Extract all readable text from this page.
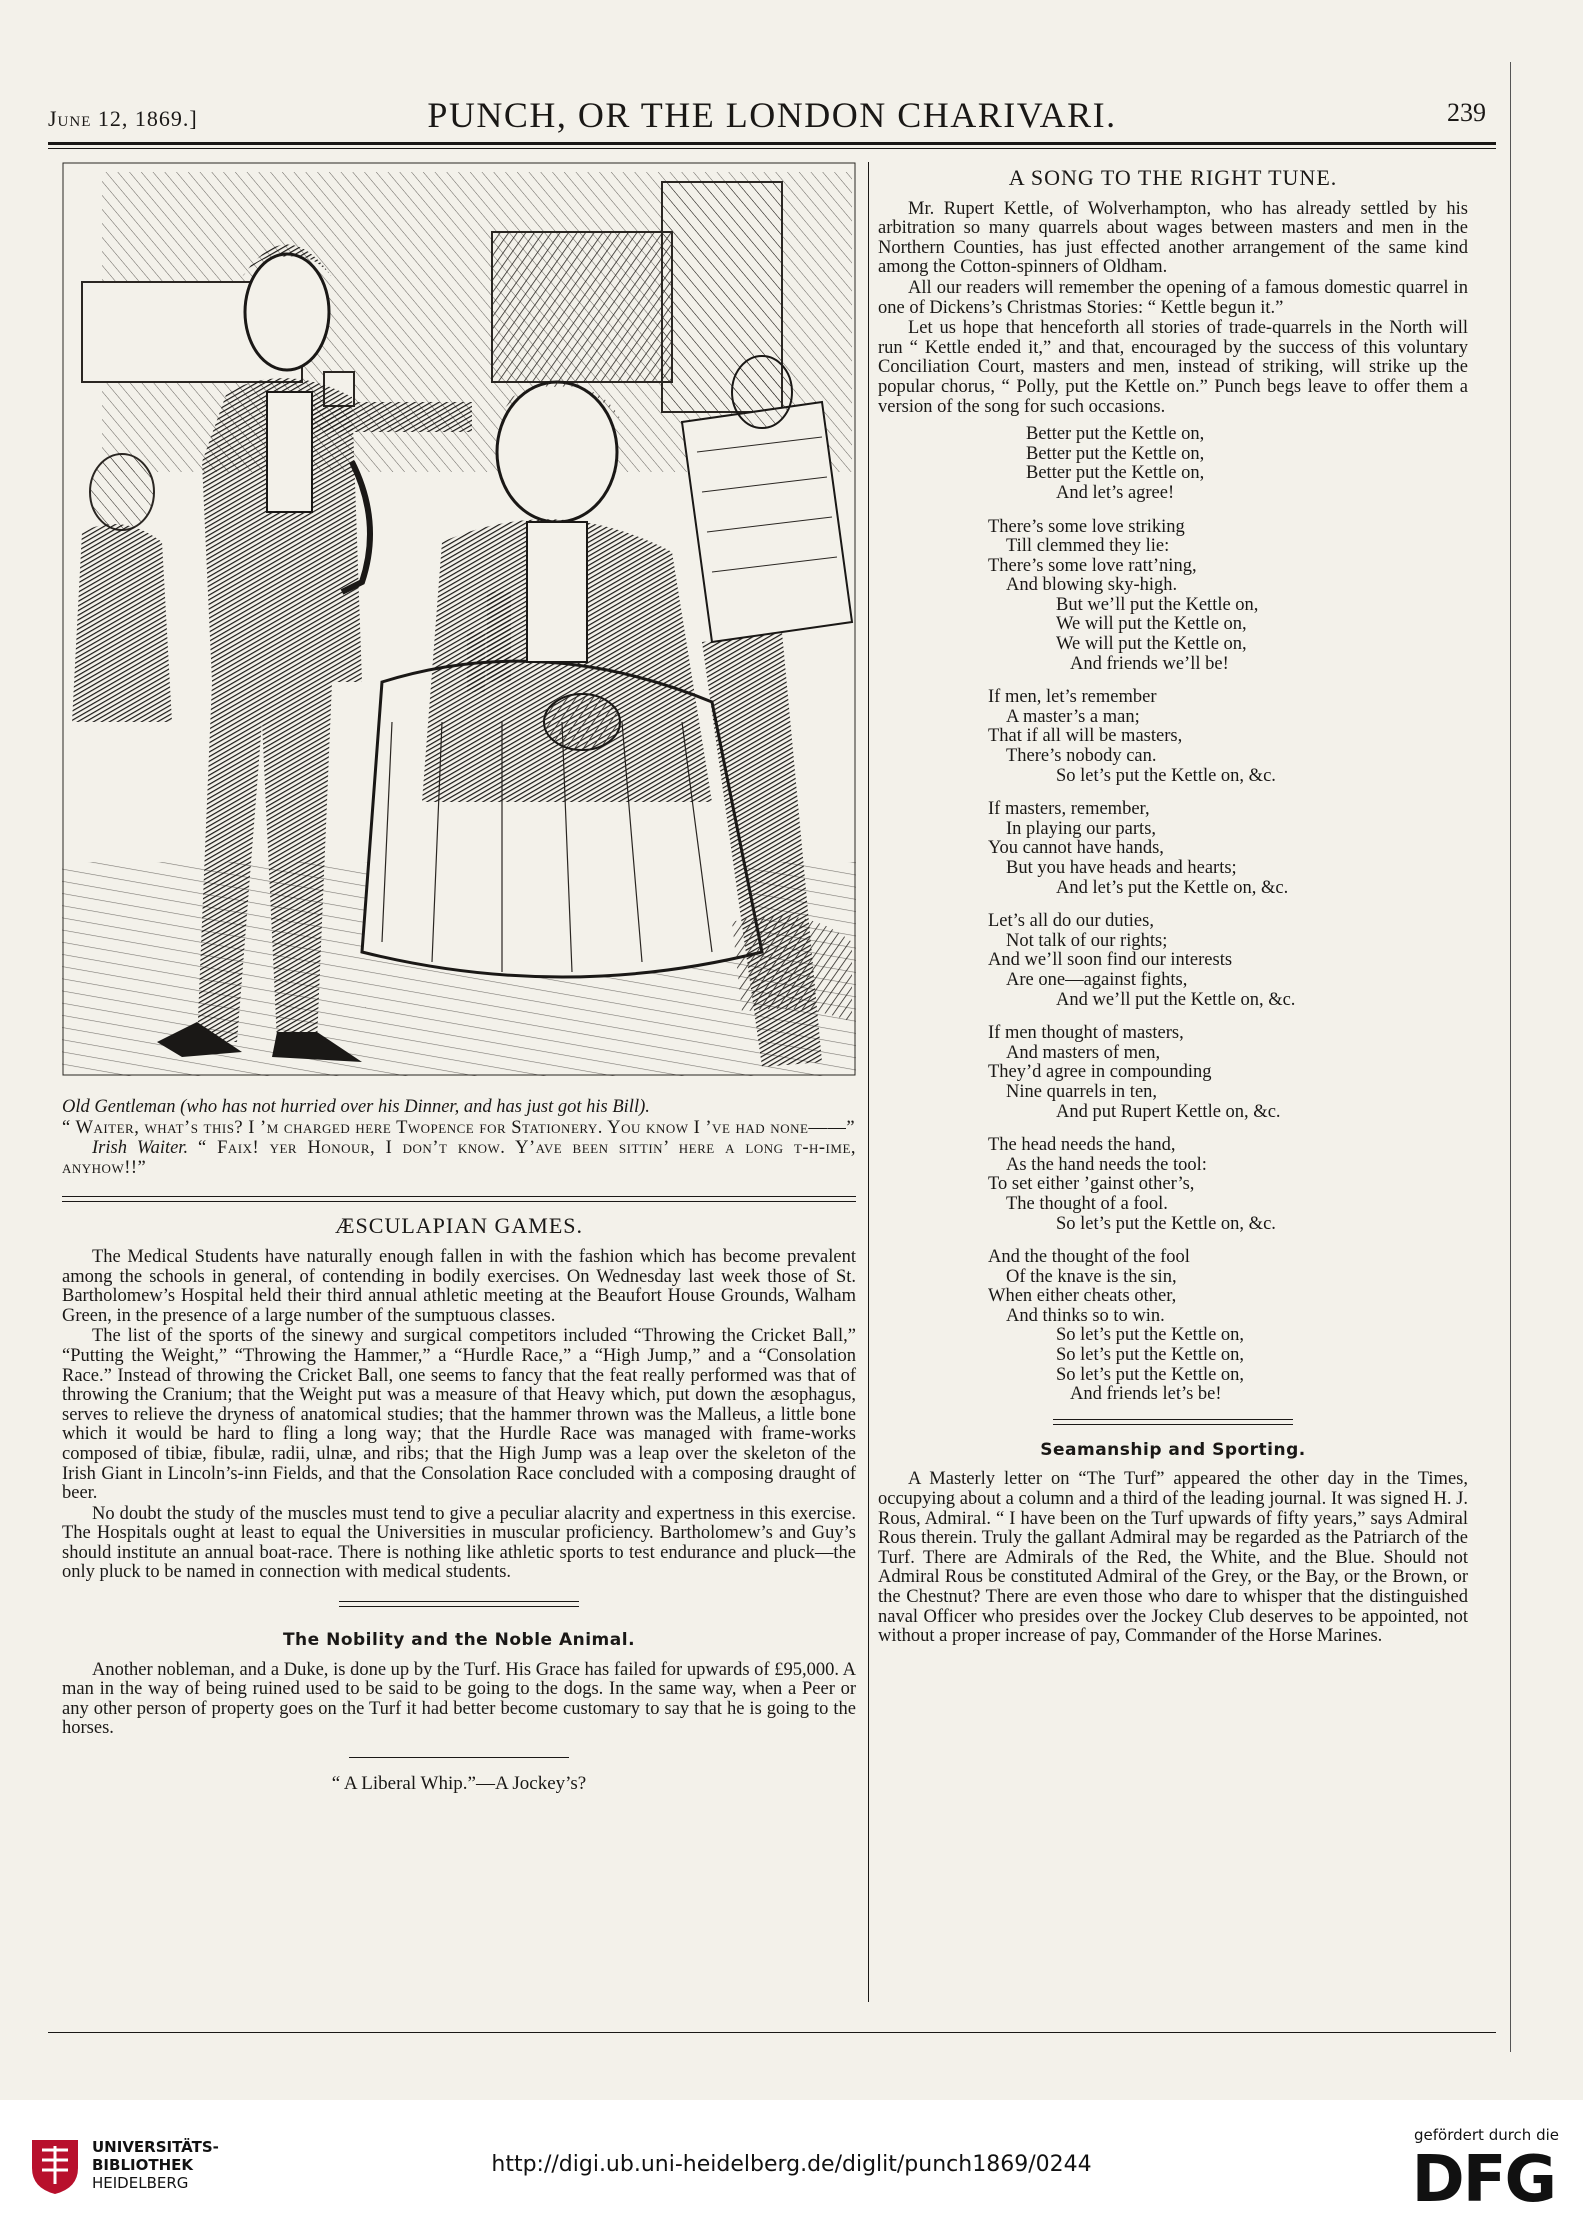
June 12, 1869.]	PUNCH, OR THE LONDON CHARIVARI.	239

Old Gentleman (who has not hurried over his Dinner, and has just got his Bill).

“ Waiter, what’s this? I ’m charged here Twopence for Stationery. You know I ’ve had none——”

Irish Waiter. “ Faix! yer Honour, I don’t know. Y’ave been sittin’ here a long t-h-ime, anyhow!!”

ÆSCULAPIAN GAMES.

The Medical Students have naturally enough fallen in with the fashion which has become prevalent among the schools in general, of contending in bodily exercises. On Wednesday last week those of St. Bartholomew’s Hospital held their third annual athletic meeting at the Beaufort House Grounds, Walham Green, in the presence of a large number of the sumptuous classes.

The list of the sports of the sinewy and surgical competitors included “Throwing the Cricket Ball,” “Putting the Weight,” “Throwing the Hammer,” a “Hurdle Race,” a “High Jump,” and a “Consolation Race.” Instead of throwing the Cricket Ball, one seems to fancy that the feat really performed was that of throwing the Cranium; that the Weight put was a measure of that Heavy which, put down the æsophagus, serves to relieve the dryness of anatomical studies; that the hammer thrown was the Malleus, a little bone which it would be hard to fling a long way; that the Hurdle Race was managed with frame-works composed of tibiæ, fibulæ, radii, ulnæ, and ribs; that the High Jump was a leap over the skeleton of the Irish Giant in Lincoln’s-inn Fields, and that the Consolation Race concluded with a composing draught of beer.

No doubt the study of the muscles must tend to give a peculiar alacrity and expertness in this exercise. The Hospitals ought at least to equal the Universities in muscular proficiency. Bartholomew’s and Guy’s should institute an annual boat-race. There is nothing like athletic sports to test endurance and pluck—the only pluck to be named in connection with medical students.

The Nobility and the Noble Animal.

Another nobleman, and a Duke, is done up by the Turf. His Grace has failed for upwards of £95,000. A man in the way of being ruined used to be said to be going to the dogs. In the same way, when a Peer or any other person of property goes on the Turf it had better become customary to say that he is going to the horses.

“ A Liberal Whip.”—A Jockey’s?
A SONG TO THE RIGHT TUNE.

Mr. Rupert Kettle, of Wolverhampton, who has already settled by his arbitration so many quarrels about wages between masters and men in the Northern Counties, has just effected another arrangement of the same kind among the Cotton-spinners of Oldham.

All our readers will remember the opening of a famous domestic quarrel in one of Dickens’s Christmas Stories: “ Kettle begun it.”

Let us hope that henceforth all stories of trade-quarrels in the North will run “ Kettle ended it,” and that, encouraged by the success of this voluntary Conciliation Court, masters and men, instead of striking, will strike up the popular chorus, “ Polly, put the Kettle on.” Punch begs leave to offer them a version of the song for such occasions.

Better put the Kettle on,
Better put the Kettle on,
Better put the Kettle on,
And let’s agree!
There’s some love striking
Till clemmed they lie:
There’s some love ratt’ning,
And blowing sky-high.
But we’ll put the Kettle on,
We will put the Kettle on,
We will put the Kettle on,
And friends we’ll be!
If men, let’s remember
A master’s a man;
That if all will be masters,
There’s nobody can.
So let’s put the Kettle on, &c.
If masters, remember,
In playing our parts,
You cannot have hands,
But you have heads and hearts;
And let’s put the Kettle on, &c.
Let’s all do our duties,
Not talk of our rights;
And we’ll soon find our interests
Are one—against fights,
And we’ll put the Kettle on, &c.
If men thought of masters,
And masters of men,
They’d agree in compounding
Nine quarrels in ten,
And put Rupert Kettle on, &c.
The head needs the hand,
As the hand needs the tool:
To set either ’gainst other’s,
The thought of a fool.
So let’s put the Kettle on, &c.
And the thought of the fool
Of the knave is the sin,
When either cheats other,
And thinks so to win.
So let’s put the Kettle on,
So let’s put the Kettle on,
So let’s put the Kettle on,
And friends let’s be!
Seamanship and Sporting.

A Masterly letter on “The Turf” appeared the other day in the Times, occupying about a column and a third of the leading journal. It was signed H. J. Rous, Admiral. “ I have been on the Turf upwards of fifty years,” says Admiral Rous therein. Truly the gallant Admiral may be regarded as the Patriarch of the Turf. There are Admirals of the Red, the White, and the Blue. Should not Admiral Rous be constituted Admiral of the Grey, or the Bay, or the Brown, or the Chestnut? There are even those who dare to whisper that the distinguished naval Officer who presides over the Jockey Club deserves to be appointed, not without a proper increase of pay, Commander of the Horse Marines.

UNIVERSITÄTS-
BIBLIOTHEK
HEIDELBERG
http://digi.ub.uni-heidelberg.de/diglit/punch1869/0244
gefördert durch die
DFG
